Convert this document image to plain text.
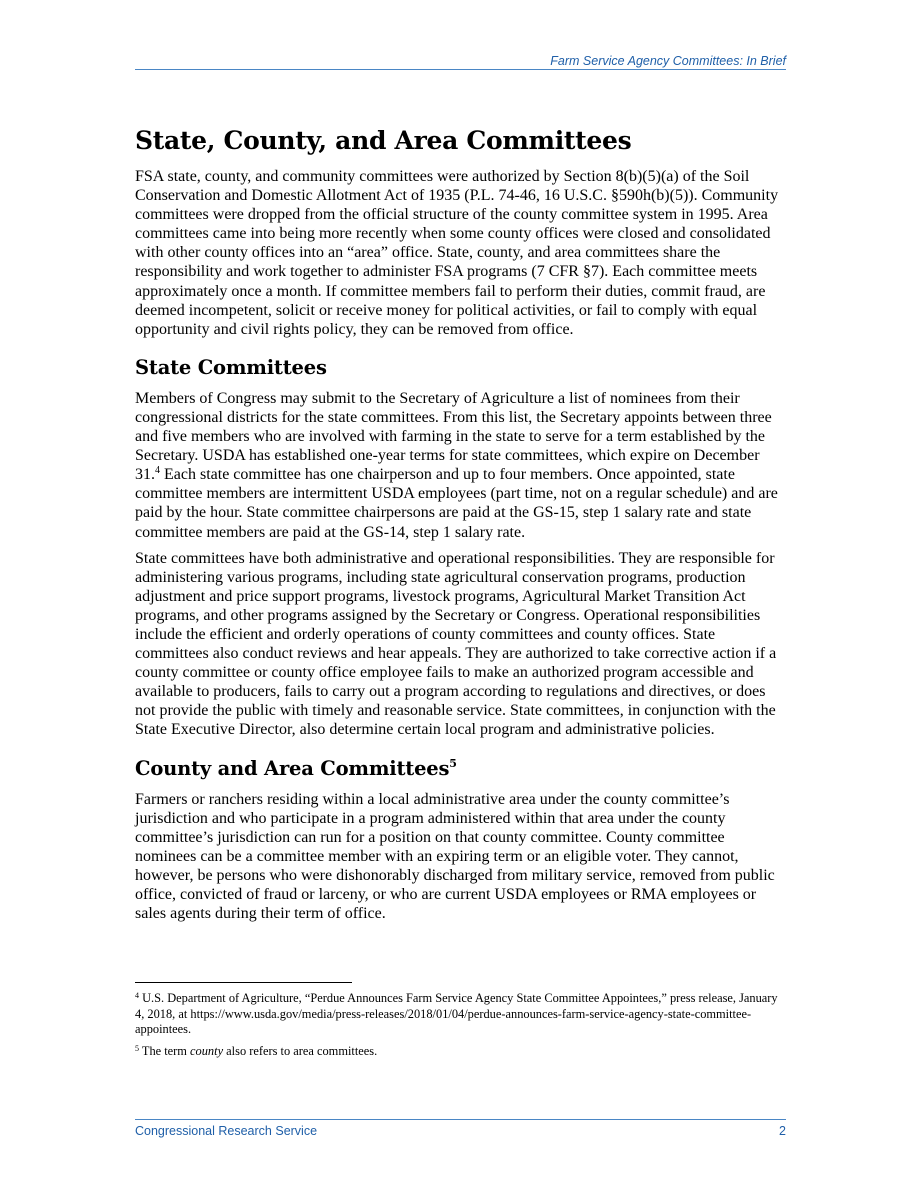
Farm Service Agency Committees: In Brief
State, County, and Area Committees

FSA state, county, and community committees were authorized by Section 8(b)(5)(a) of the Soil Conservation and Domestic Allotment Act of 1935 (P.L. 74-46, 16 U.S.C. §590h(b)(5)). Community committees were dropped from the official structure of the county committee system in 1995. Area committees came into being more recently when some county offices were closed and consolidated with other county offices into an “area” office. State, county, and area committees share the responsibility and work together to administer FSA programs (7 CFR §7). Each committee meets approximately once a month. If committee members fail to perform their duties, commit fraud, are deemed incompetent, solicit or receive money for political activities, or fail to comply with equal opportunity and civil rights policy, they can be removed from office.

State Committees

Members of Congress may submit to the Secretary of Agriculture a list of nominees from their congressional districts for the state committees. From this list, the Secretary appoints between three and five members who are involved with farming in the state to serve for a term established by the Secretary. USDA has established one-year terms for state committees, which expire on December 31.$^4$ Each state committee has one chairperson and up to four members. Once appointed, state committee members are intermittent USDA employees (part time, not on a regular schedule) and are paid by the hour. State committee chairpersons are paid at the GS-15, step 1 salary rate and state committee members are paid at the GS-14, step 1 salary rate.

State committees have both administrative and operational responsibilities. They are responsible for administering various programs, including state agricultural conservation programs, production adjustment and price support programs, livestock programs, Agricultural Market Transition Act programs, and other programs assigned by the Secretary or Congress. Operational responsibilities include the efficient and orderly operations of county committees and county offices. State committees also conduct reviews and hear appeals. They are authorized to take corrective action if a county committee or county office employee fails to make an authorized program accessible and available to producers, fails to carry out a program according to regulations and directives, or does not provide the public with timely and reasonable service. State committees, in conjunction with the State Executive Director, also determine certain local program and administrative policies.

County and Area Committees$^5$

Farmers or ranchers residing within a local administrative area under the county committee’s jurisdiction and who participate in a program administered within that area under the county committee’s jurisdiction can run for a position on that county committee. County committee nominees can be a committee member with an expiring term or an eligible voter. They cannot, however, be persons who were dishonorably discharged from military service, removed from public office, convicted of fraud or larceny, or who are current USDA employees or RMA employees or sales agents during their term of office.

$^4$ U.S. Department of Agriculture, “Perdue Announces Farm Service Agency State Committee Appointees,” press release, January 4, 2018, at https://www.usda.gov/media/press-releases/2018/01/04/perdue-announces-farm-service-agency-state-committee-appointees.

$^5$ The term county also refers to area committees.

Congressional Research Service	2
